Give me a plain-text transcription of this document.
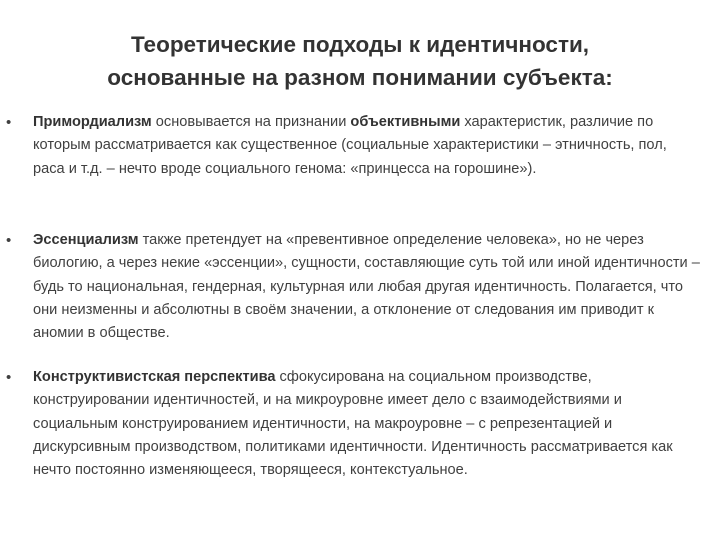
Теоретические подходы к идентичности,
основанные на разном понимании субъекта:
• Примордиализм основывается на признании объективными характеристик, различие по которым рассматривается как существенное (социальные характеристики – этничность, пол, раса и т.д. – нечто вроде социального генома: «принцесса на горошине»).
• Эссенциализм также претендует на «превентивное определение человека», но не через биологию, а через некие «эссенции», сущности, составляющие суть той или иной идентичности – будь то национальная, гендерная, культурная или любая другая идентичность. Полагается, что они неизменны и абсолютны в своём значении, а отклонение от следования им приводит к аномии в обществе.
• Конструктивистская перспектива сфокусирована на социальном производстве, конструировании идентичностей, и на микроуровне имеет дело с взаимодействиями и социальным конструированием идентичности, на макроуровне – с репрезентацией и дискурсивным производством, политиками идентичности. Идентичность рассматривается как нечто постоянно изменяющееся, творящееся, контекстуальное.
